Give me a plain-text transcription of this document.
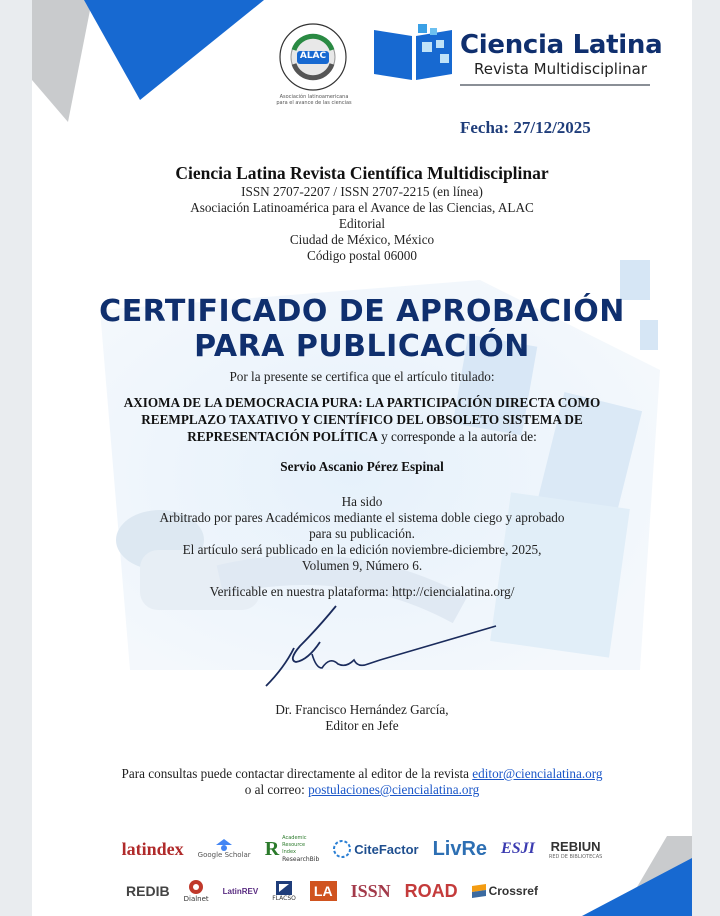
ALAC
Asociación latinoamericana para el avance de las ciencias
Ciencia Latina
Revista Multidisciplinar
Fecha: 27/12/2025
Ciencia Latina Revista Científica Multidisciplinar
ISSN 2707-2207 / ISSN 2707-2215 (en línea)
Asociación Latinoamérica para el Avance de las Ciencias, ALAC
Editorial
Ciudad de México, México
Código postal 06000
CERTIFICADO DE APROBACIÓN
PARA PUBLICACIÓN
Por la presente se certifica que el artículo titulado:
AXIOMA DE LA DEMOCRACIA PURA: LA PARTICIPACIÓN DIRECTA COMO
REEMPLAZO TAXATIVO Y CIENTÍFICO DEL OBSOLETO SISTEMA DE
REPRESENTACIÓN POLÍTICA y corresponde a la autoría de:
Servio Ascanio Pérez Espinal
Ha sido
Arbitrado por pares Académicos mediante el sistema doble ciego y aprobado
para su publicación.
El artículo será publicado en la edición noviembre-diciembre, 2025,
Volumen 9, Número 6.
Verificable en nuestra plataforma: http://ciencialatina.org/
Dr. Francisco Hernández García,
Editor en Jefe
Para consultas puede contactar directamente al editor de la revista editor@ciencialatina.org
o al correo: postulaciones@ciencialatina.org
latindex Google Scholar R Academic Resource Index
ResearchBib
CiteFactor LivRe ESJI REBIUN
RED DE BIBLIOTECAS
REDIB Dialnet
LatinREV
FLACSO LA ISSN ROAD	Crossref
